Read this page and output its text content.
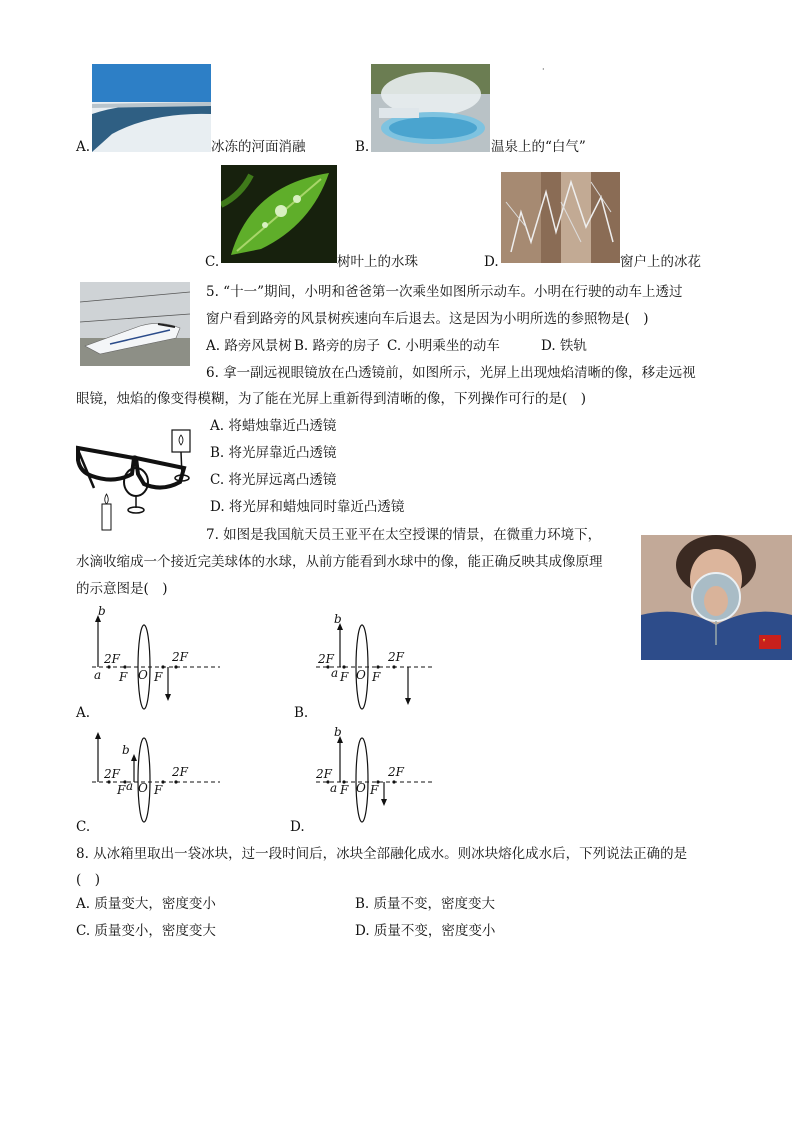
A.	冰冻的河面消融	B.	温泉上的“白气”
·
C.	树叶上的水珠	D.	窗户上的冰花
5. “十一”期间，小明和爸爸第一次乘坐如图所示动车。小明在行驶的动车上透过
窗户看到路旁的风景树疾速向车后退去。这是因为小明所选的参照物是(　)
A. 路旁风景树 B. 路旁的房子 C. 小明乘坐的动车	D. 铁轨
6. 拿一副远视眼镜放在凸透镜前，如图所示，光屏上出现烛焰清晰的像，移走远视
眼镜，烛焰的像变得模糊，为了能在光屏上重新得到清晰的像，下列操作可行的是(　)
A. 将蜡烛靠近凸透镜
B. 将光屏靠近凸透镜
C. 将光屏远离凸透镜
D. 将光屏和蜡烛同时靠近凸透镜
7. 如图是我国航天员王亚平在太空授课的情景，在微重力环境下，
水滴收缩成一个接近完美球体的水球，从前方能看到水球中的像，能正确反映其成像原理
的示意图是(　)
2F	2F
F F
O
a
b
A.
2F	2F
F F
O
a
b
B.
2F	2F
F F
O
a
b
C.
2F	2F
F F
O
a
b
D.
8. 从冰箱里取出一袋冰块，过一段时间后，冰块全部融化成水。则冰块熔化成水后，下列说法正确的是
(　)
A. 质量变大，密度变小	B. 质量不变，密度变大
C. 质量变小，密度变大	D. 质量不变，密度变小
